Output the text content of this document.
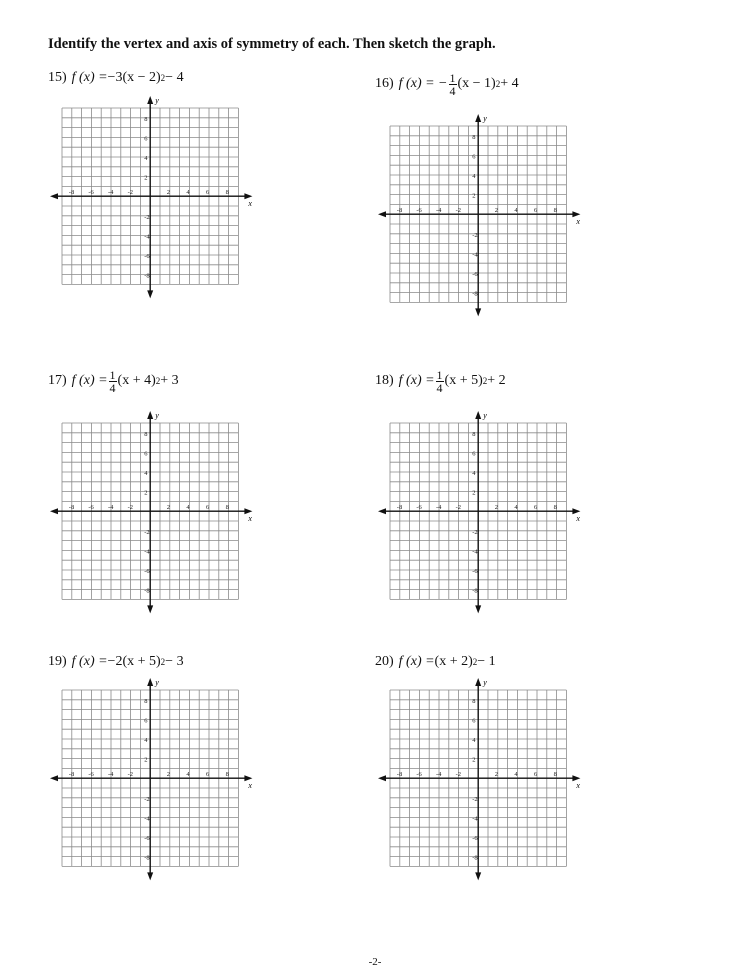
Identify the vertex and axis of symmetry of each. Then sketch the graph.
15) f (x) = −3(x − 2) 2 − 4
x
y
-8 -6 -4 -2	2	4	6	8
8
6
4
2
-2
-4
-6
-8
16) f (x) = − $\frac{1}{4} (x - 1) 2 + 4$
x
y
-8 -6 -4 -2	2	4	6	8
8
6
4
2
-2
-4
-6
-8
17) f $(x) = \frac{1}{4} (x + 4) 2 + 3$
x
y
-8 -6 -4 -2	2	4	6	8
8
6
4
2
-2
-4
-6
-8
18) f $(x) = \frac{1}{4} (x + 5) 2 + 2$
x
y
-8 -6 -4 -2	2	4	6	8
8
6
4
2
-2
-4
-6
-8
19) f (x) = −2(x + 5) 2 − 3
x
y
-8 -6 -4 -2	2	4	6	8
8
6
4
2
-2
-4
-6
-8
20) f (x) = (x + 2) 2 − 1
x
y
-8 -6 -4 -2	2	4	6	8
8
6
4
2
-2
-4
-6
-8
-2-
